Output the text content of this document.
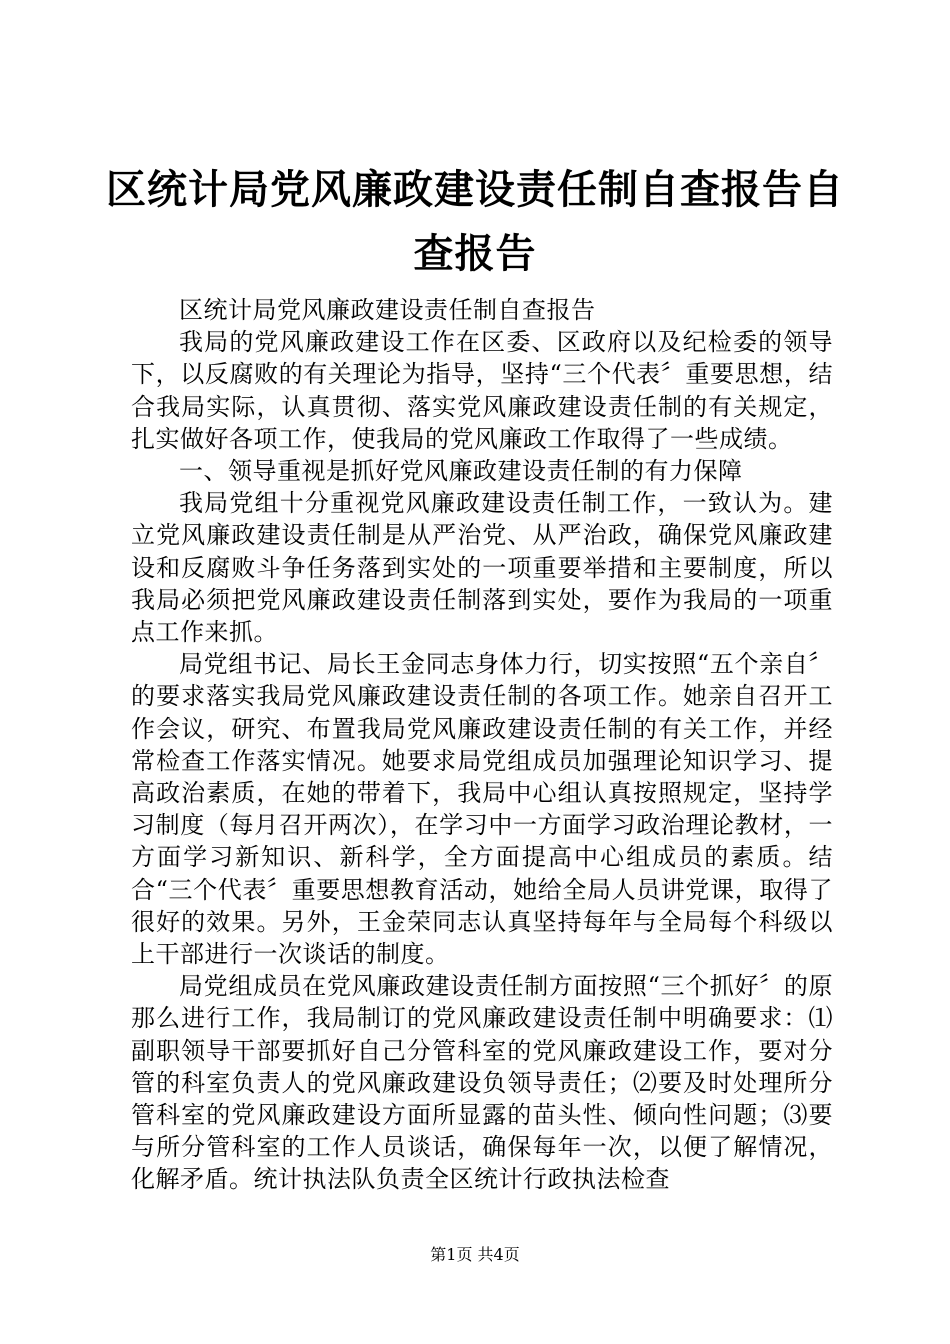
区统计局党风廉政建设责任制自查报告自查报告

区统计局党风廉政建设责任制自查报告

我局的党风廉政建设工作在区委、区政府以及纪检委的领导下，以反腐败的有关理论为指导，坚持“三个代表〞重要思想，结合我局实际，认真贯彻、落实党风廉政建设责任制的有关规定，扎实做好各项工作，使我局的党风廉政工作取得了一些成绩。

一、领导重视是抓好党风廉政建设责任制的有力保障

我局党组十分重视党风廉政建设责任制工作，一致认为。建立党风廉政建设责任制是从严治党、从严治政，确保党风廉政建设和反腐败斗争任务落到实处的一项重要举措和主要制度，所以我局必须把党风廉政建设责任制落到实处，要作为我局的一项重点工作来抓。

局党组书记、局长王金同志身体力行，切实按照“五个亲自〞的要求落实我局党风廉政建设责任制的各项工作。她亲自召开工作会议，研究、布置我局党风廉政建设责任制的有关工作，并经常检查工作落实情况。她要求局党组成员加强理论知识学习、提高政治素质，在她的带着下，我局中心组认真按照规定，坚持学习制度（每月召开两次），在学习中一方面学习政治理论教材，一方面学习新知识、新科学，全方面提高中心组成员的素质。结合“三个代表〞重要思想教育活动，她给全局人员讲党课，取得了很好的效果。另外，王金荣同志认真坚持每年与全局每个科级以上干部进行一次谈话的制度。

局党组成员在党风廉政建设责任制方面按照“三个抓好〞的原那么进行工作，我局制订的党风廉政建设责任制中明确要求：⑴副职领导干部要抓好自己分管科室的党风廉政建设工作，要对分管的科室负责人的党风廉政建设负领导责任；⑵要及时处理所分管科室的党风廉政建设方面所显露的苗头性、倾向性问题；⑶要与所分管科室的工作人员谈话，确保每年一次，以便了解情况，化解矛盾。统计执法队负责全区统计行政执法检查

第1页 共4页
